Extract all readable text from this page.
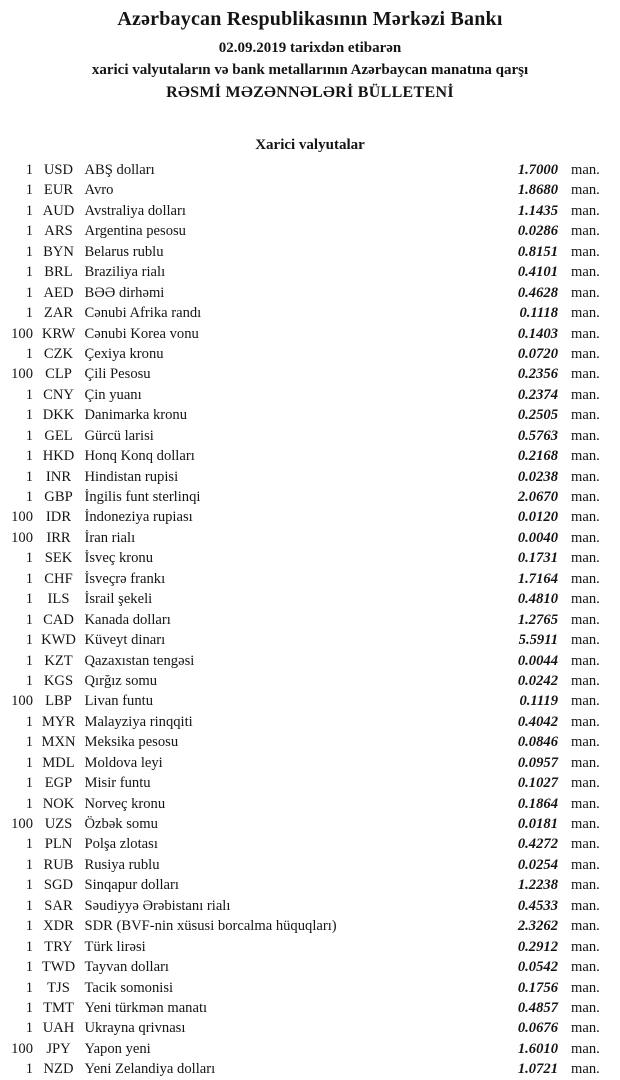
Azərbaycan Respublikasının Mərkəzi Bankı
02.09.2019 tarixdən etibarən
xarici valyutaların və bank metallarının Azərbaycan manatına qarşı
RƏSMİ MƏZƏNNƏLƏRİ BÜLLETENİ
Xarici valyutalar
1 USD ABŞ dolları	1.7000 man.
1 EUR Avro	1.8680 man.
1 AUD Avstraliya dolları	1.1435 man.
1 ARS Argentina pesosu	0.0286 man.
1 BYN Belarus rublu	0.8151 man.
1 BRL Braziliya rialı	0.4101 man.
1 AED BƏƏ dirhəmi	0.4628 man.
1 ZAR Cənubi Afrika randı	0.1118 man.
100 KRW Cənubi Korea vonu	0.1403 man.
1 CZK Çexiya kronu	0.0720 man.
100 CLP Çili Pesosu	0.2356 man.
1 CNY Çin yuanı	0.2374 man.
1 DKK Danimarka kronu	0.2505 man.
1 GEL Gürcü larisi	0.5763 man.
1 HKD Honq Konq dolları	0.2168 man.
1 INR Hindistan rupisi	0.0238 man.
1 GBP İngilis funt sterlinqi	2.0670 man.
100 IDR İndoneziya rupiası	0.0120 man.
100 IRR İran rialı	0.0040 man.
1 SEK İsveç kronu	0.1731 man.
1 CHF İsveçrə frankı	1.7164 man.
1 ILS	İsrail şekeli	0.4810 man.
1 CAD Kanada dolları	1.2765 man.
1 KWD Küveyt dinarı	5.5911 man.
1 KZT Qazaxıstan tengəsi	0.0044 man.
1 KGS Qırğız somu	0.0242 man.
100 LBP Livan funtu	0.1119 man.
1 MYR Malayziya rinqqiti	0.4042 man.
1 MXN Meksika pesosu	0.0846 man.
1 MDL Moldova leyi	0.0957 man.
1 EGP Misir funtu	0.1027 man.
1 NOK Norveç kronu	0.1864 man.
100 UZS Özbək somu	0.0181 man.
1 PLN Polşa zlotası	0.4272 man.
1 RUB Rusiya rublu	0.0254 man.
1 SGD Sinqapur dolları	1.2238 man.
1 SAR Səudiyyə Ərəbistanı rialı	0.4533 man.
1 XDR SDR (BVF-nin xüsusi borcalma hüquqları)	2.3262 man.
1 TRY Türk lirəsi	0.2912 man.
1 TWD Tayvan dolları	0.0542 man.
1 TJS	Tacik somonisi	0.1756 man.
1 TMT Yeni türkmən manatı	0.4857 man.
1 UAH Ukrayna qrivnası	0.0676 man.
100 JPY Yapon yeni	1.6010 man.
1 NZD Yeni Zelandiya dolları	1.0721 man.
